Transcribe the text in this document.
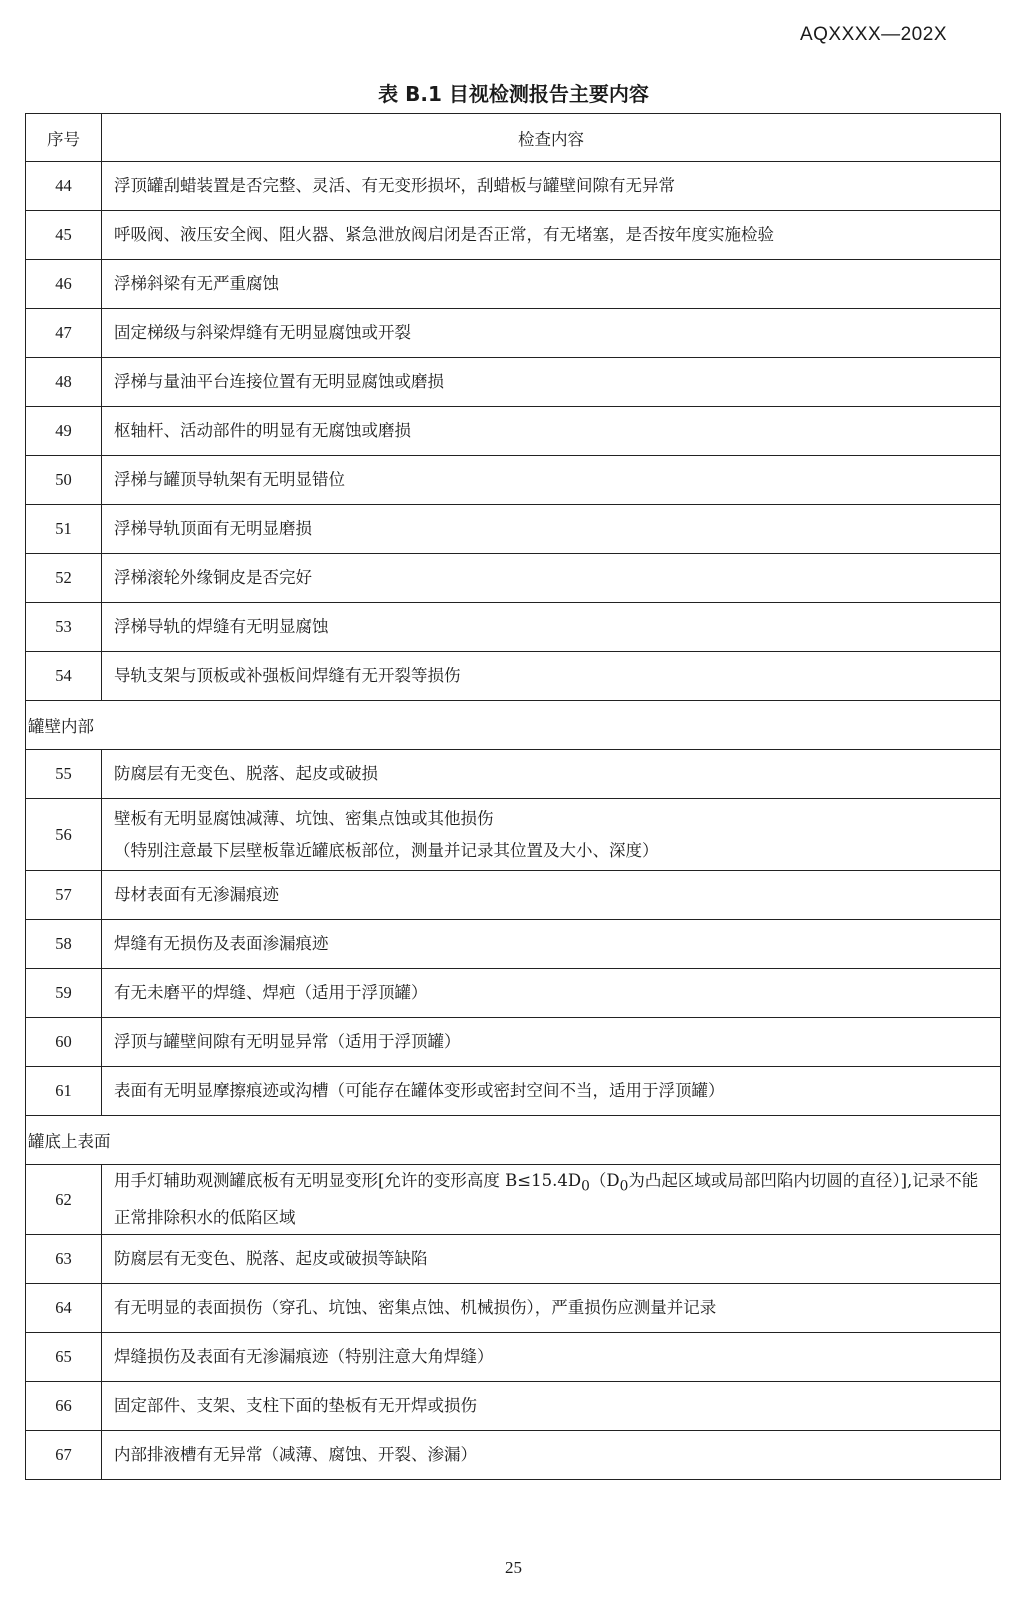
AQXXXX—202X
表 B.1 目视检测报告主要内容
序号	检查内容
44	浮顶罐刮蜡装置是否完整、灵活、有无变形损坏，刮蜡板与罐壁间隙有无异常
45	呼吸阀、液压安全阀、阻火器、紧急泄放阀启闭是否正常，有无堵塞，是否按年度实施检验
46	浮梯斜梁有无严重腐蚀
47	固定梯级与斜梁焊缝有无明显腐蚀或开裂
48	浮梯与量油平台连接位置有无明显腐蚀或磨损
49	枢轴杆、活动部件的明显有无腐蚀或磨损
50	浮梯与罐顶导轨架有无明显错位
51	浮梯导轨顶面有无明显磨损
52	浮梯滚轮外缘铜皮是否完好
53	浮梯导轨的焊缝有无明显腐蚀
54	导轨支架与顶板或补强板间焊缝有无开裂等损伤
罐壁内部	
55	防腐层有无变色、脱落、起皮或破损
56	壁板有无明显腐蚀减薄、坑蚀、密集点蚀或其他损伤
（特别注意最下层壁板靠近罐底板部位，测量并记录其位置及大小、深度）

57	母材表面有无渗漏痕迹
58	焊缝有无损伤及表面渗漏痕迹
59	有无未磨平的焊缝、焊疤（适用于浮顶罐）
60	浮顶与罐壁间隙有无明显异常（适用于浮顶罐）
61	表面有无明显摩擦痕迹或沟槽（可能存在罐体变形或密封空间不当，适用于浮顶罐）
罐底上表面	
62	用手灯辅助观测罐底板有无明显变形[允许的变形高度 $B\le 15.4D_0(D_0$为凸起区域或局部凹陷内切圆的直径）],记录不能正常排除积水的低陷区域
63	防腐层有无变色、脱落、起皮或破损等缺陷
64	有无明显的表面损伤（穿孔、坑蚀、密集点蚀、机械损伤），严重损伤应测量并记录
65	焊缝损伤及表面有无渗漏痕迹（特别注意大角焊缝）
66	固定部件、支架、支柱下面的垫板有无开焊或损伤
67	内部排液槽有无异常（减薄、腐蚀、开裂、渗漏）
25
